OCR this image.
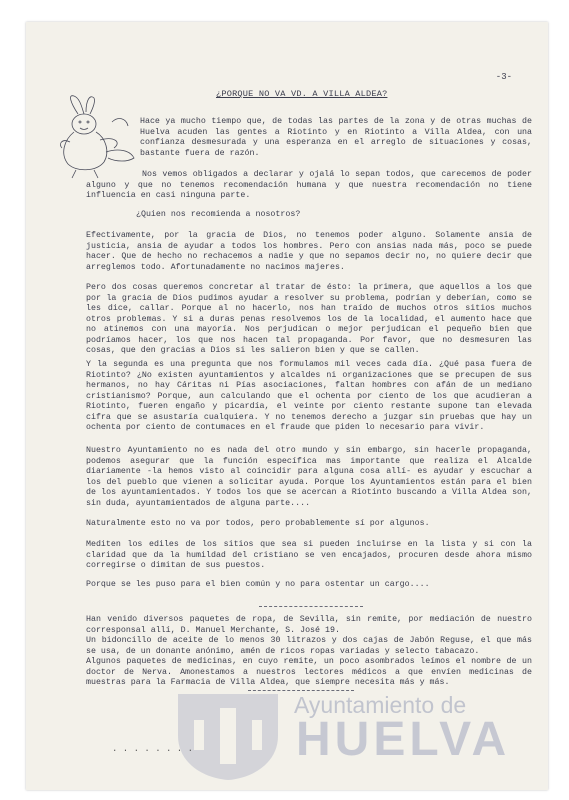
-3-
¿PORQUE NO VA VD. A VILLA ALDEA?

Hace ya mucho tiempo que, de todas las partes de la zona y de otras muchas de Huelva acuden las gentes a Riotinto y en Riotinto a Villa Aldea, con una confianza desmesurada y una esperanza en el arreglo de situaciones y cosas, bastante fuera de razón.

Nos vemos obligados a declarar y ojalá lo sepan todos, que carecemos de poder alguno y que no tenemos recomendación humana y que nuestra recomendación no tiene influencia en casi ninguna parte.

¿Quien nos recomienda a nosotros?

Efectivamente, por la gracia de Dios, no tenemos poder alguno. Solamente ansia de justicia, ansia de ayudar a todos los hombres. Pero con ansias nada más, poco se puede hacer. Que de hecho no rechacemos a nadie y que no sepamos decir no, no quiere decir que arreglemos todo. Afortunadamente no nacimos majeres.

Pero dos cosas queremos concretar al tratar de ésto: la primera, que aquellos a los que por la gracia de Dios pudimos ayudar a resolver su problema, podrían y deberían, como se les dice, callar. Porque al no hacerlo, nos han traído de muchos otros sitios muchos otros problemas. Y si a duras penas resolvemos los de la localidad, el aumento hace que no atinemos con una mayoría. Nos perjudican o mejor perjudican el pequeño bien que podríamos hacer, los que nos hacen tal propaganda. Por favor, que no desmesuren las cosas, que den gracias a Dios si les salieron bien y que se callen.

Y la segunda es una pregunta que nos formulamos mil veces cada día. ¿Qué pasa fuera de Riotinto? ¿No existen ayuntamientos y alcaldes ni organizaciones que se precupen de sus hermanos, no hay Cáritas ni Pías asociaciones, faltan hombres con afán de un mediano cristianismo? Porque, aun calculando que el ochenta por ciento de los que acudieran a Riotinto, fueren engaño y picardía, el veinte por ciento restante supone tan elevada cifra que se asustaría cualquiera. Y no tenemos derecho a juzgar sin pruebas que hay un ochenta por ciento de contumaces en el fraude que piden lo necesario para vivir.

Nuestro Ayuntamiento no es nada del otro mundo y sin embargo, sin hacerle propaganda, podemos asegurar que la función específica mas importante que realiza el Alcalde diariamente -la hemos visto al coincidir para alguna cosa allí- es ayudar y escuchar a los del pueblo que vienen a solicitar ayuda. Porque los Ayuntamientos están para el bien de los ayuntamientados. Y todos los que se acercan a Riotinto buscando a Villa Aldea son, sin duda, ayuntamientados de alguna parte....

Naturalmente esto no va por todos, pero probablemente sí por algunos.

Mediten los ediles de los sitios que sea si pueden incluirse en la lista y si con la claridad que da la humildad del cristiano se ven encajados, procuren desde ahora mismo corregirse o dimitan de sus puestos.

Porque se les puso para el bien común y no para ostentar un cargo....

Han venido diversos paquetes de ropa, de Sevilla, sin remite, por mediación de nuestro corresponsal allí, D. Manuel Merchante, S. José 19.

Un bidoncillo de aceite de lo menos 30 litrazos y dos cajas de Jabón Reguse, el que más se usa, de un donante anónimo, amén de ricos ropas variadas y selecto tabacazo.

Algunos paquetes de medicinas, en cuyo remite, un poco asombrados leímos el nombre de un doctor de Nerva. Amonestamos a nuestros lectores médicos a que envíen medicinas de muestras para la Farmacia de Villa Aldea, que siempre necesita más y más.

Ayuntamiento de
HUELVA
. . . . . . . .
